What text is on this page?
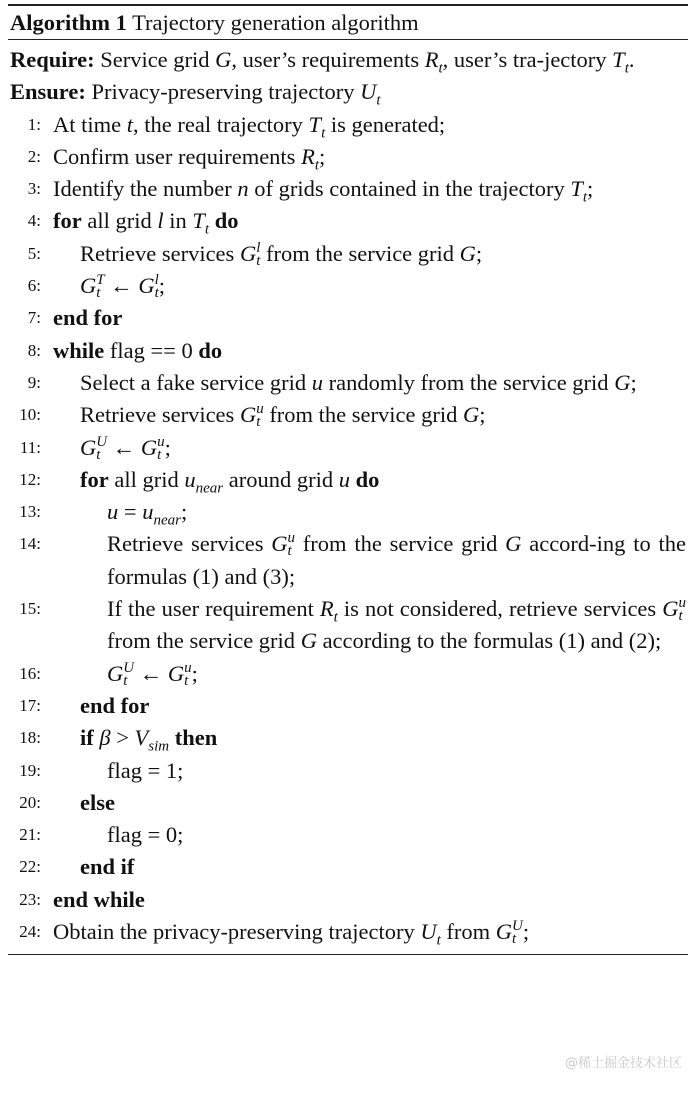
Algorithm 1 Trajectory generation algorithm
Require: Service grid G, user’s requirements $R_t$, user’s tra-jectory $T_t$.
Ensure: Privacy-preserving trajectory $U_t$
1: At time t, the real trajectory $T_t$ is generated;
2: Confirm user requirements $R_t$;
3: Identify the number n of grids contained in the trajectory $T_t$;
4: for all grid l in $T_t$ do
5: Retrieve services G l
t from the service grid G;
6: G T
t ← G l
t ;
7: end for
8: while flag == 0 do
9: Select a fake service grid u randomly from the service grid G;
10: Retrieve services G u
t from the service grid G;
11: G U
t ← G u
t ;
12: for all grid $u_{near}$ around grid u do
13:	$u = u_{near}$;
14:	Retrieve services G u
t from the service grid G accord-ing to the formulas (1) and (3);
15:	If the user requirement $R_t$ is not considered, retrieve services G u
t
from the service grid G according to the formulas (1) and (2);
16:	G U
t ← G u
t ;
17: end for
18: if $\beta > V_{sim}$ then
19:	flag = 1;
20: else
21:	flag = 0;
22: end if
23: end while
24: Obtain the privacy-preserving trajectory $U_t$ from G U
t ;
@稀土掘金技术社区
